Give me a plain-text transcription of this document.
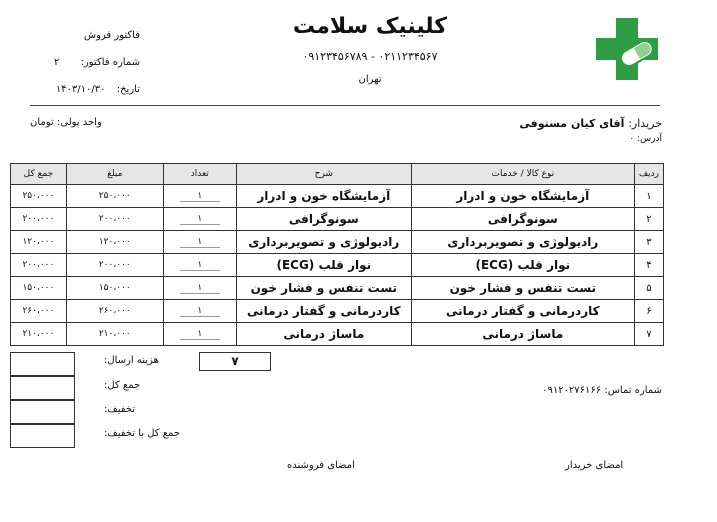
کلینیک سلامت
۰۹۱۲۳۴۵۶۷۸۹ - ۰۲۱۱۲۳۴۵۶۷
تهران
فاکتور فروش
شماره فاکتور: ۲
تاریخ: ۱۴۰۳/۱۰/۳۰
خریدار: آقای کیان مستوفی
آدرس: ۰
واحد پولی: تومان
ردیف	نوع کالا / خدمات	شرح	تعداد	مبلغ	جمع کل
۱	آزمایشگاه خون و ادرار	آزمایشگاه خون و ادرار	۱	۲۵۰،۰۰۰	۲۵۰،۰۰۰
۲	سونوگرافی	سونوگرافی	۱	۲۰۰،۰۰۰	۲۰۰،۰۰۰
۳	رادیولوژی و تصویربرداری	رادیولوژی و تصویربرداری	۱	۱۲۰،۰۰۰	۱۲۰،۰۰۰
۴	نوار قلب (ECG)	نوار قلب (ECG)	۱	۲۰۰،۰۰۰	۲۰۰،۰۰۰
۵	تست تنفس و فشار خون	تست تنفس و فشار خون	۱	۱۵۰،۰۰۰	۱۵۰،۰۰۰
۶	کاردرمانی و گفتار درمانی	کاردرمانی و گفتار درمانی	۱	۲۶۰،۰۰۰	۲۶۰،۰۰۰
۷	ماساژ درمانی	ماساژ درمانی	۱	۲۱۰،۰۰۰	۲۱۰،۰۰۰
۷
هزینه ارسال:
جمع کل:
تخفیف:
جمع کل با تخفیف:
شماره تماس: ۰۹۱۲۰۲۷۶۱۶۶
امضای خریدار
امضای فروشنده
